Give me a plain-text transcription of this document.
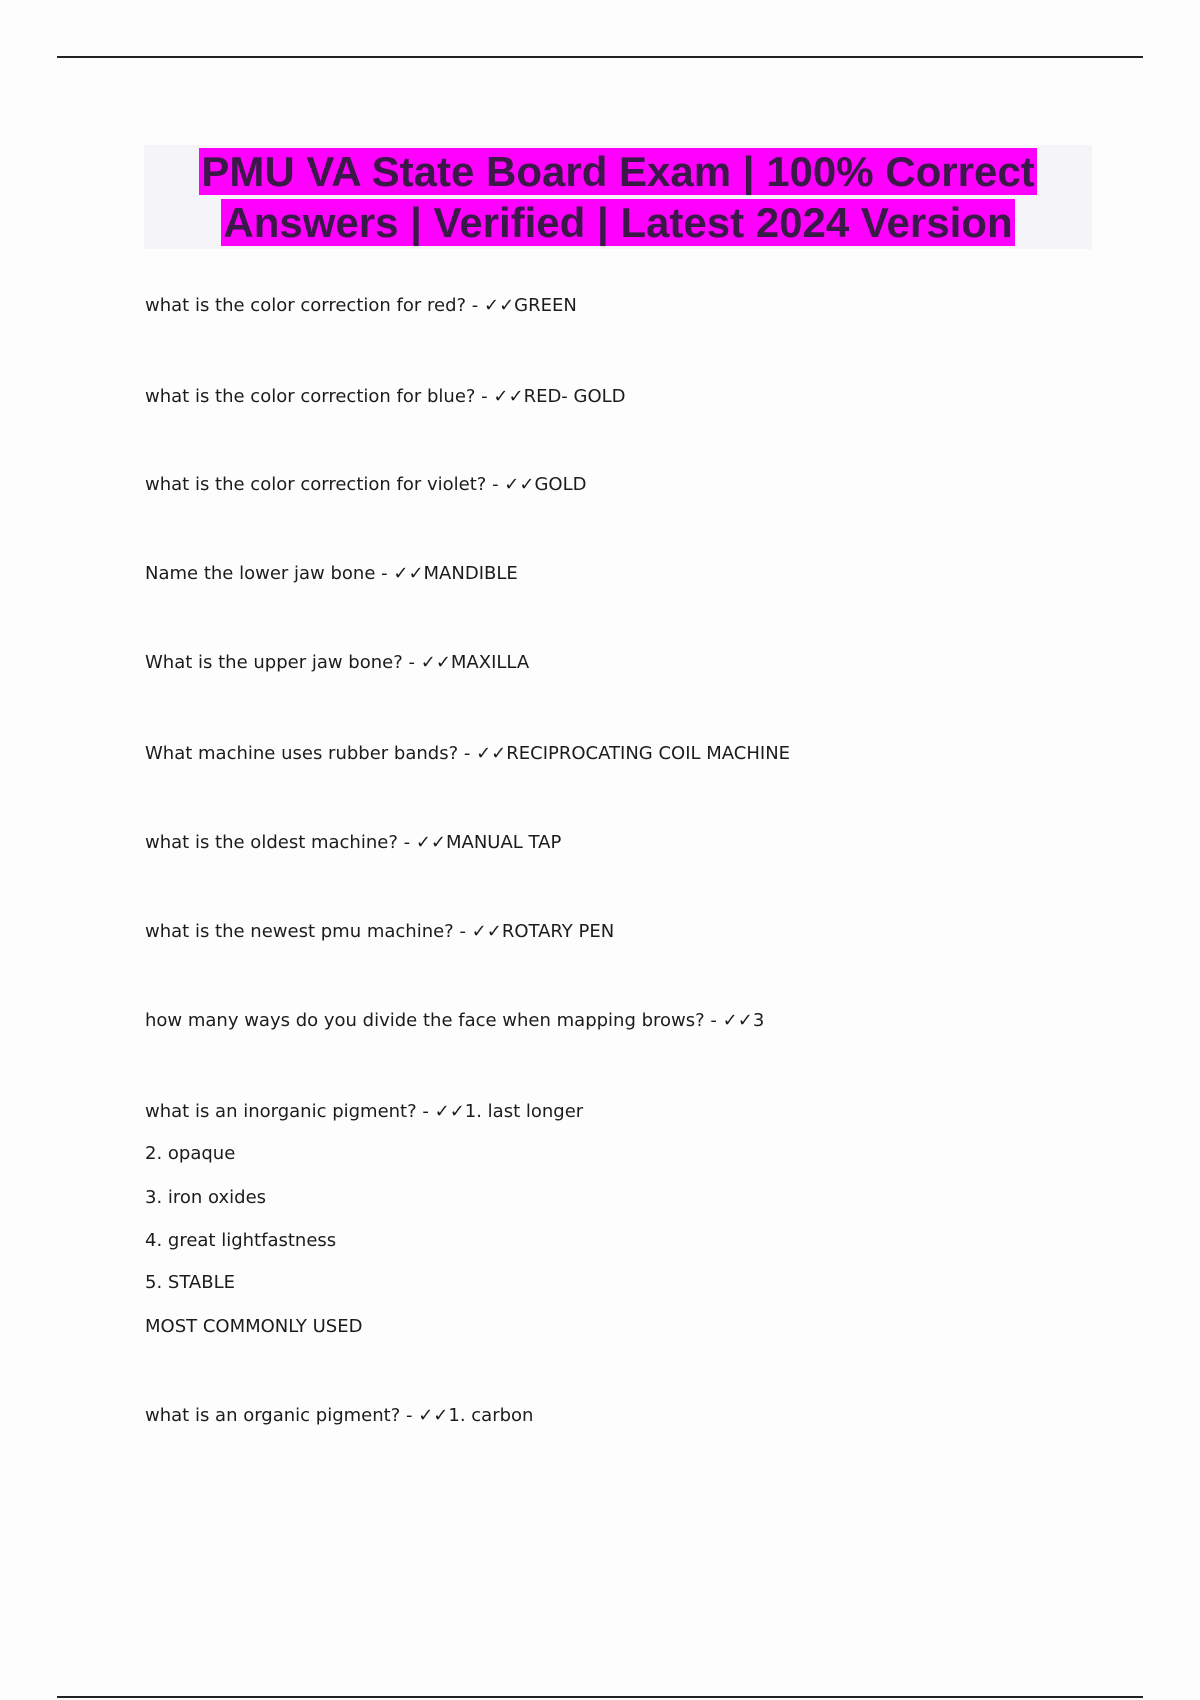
PMU VA State Board Exam | 100% Correct
Answers | Verified | Latest 2024 Version

what is the color correction for red? - ✓✓GREEN

what is the color correction for blue? - ✓✓RED- GOLD

what is the color correction for violet? - ✓✓GOLD

Name the lower jaw bone - ✓✓MANDIBLE

What is the upper jaw bone? - ✓✓MAXILLA

What machine uses rubber bands? - ✓✓RECIPROCATING COIL MACHINE

what is the oldest machine? - ✓✓MANUAL TAP

what is the newest pmu machine? - ✓✓ROTARY PEN

how many ways do you divide the face when mapping brows? - ✓✓3

what is an inorganic pigment? - ✓✓1. last longer

2. opaque

3. iron oxides

4. great lightfastness

5. STABLE

MOST COMMONLY USED

what is an organic pigment? - ✓✓1. carbon
